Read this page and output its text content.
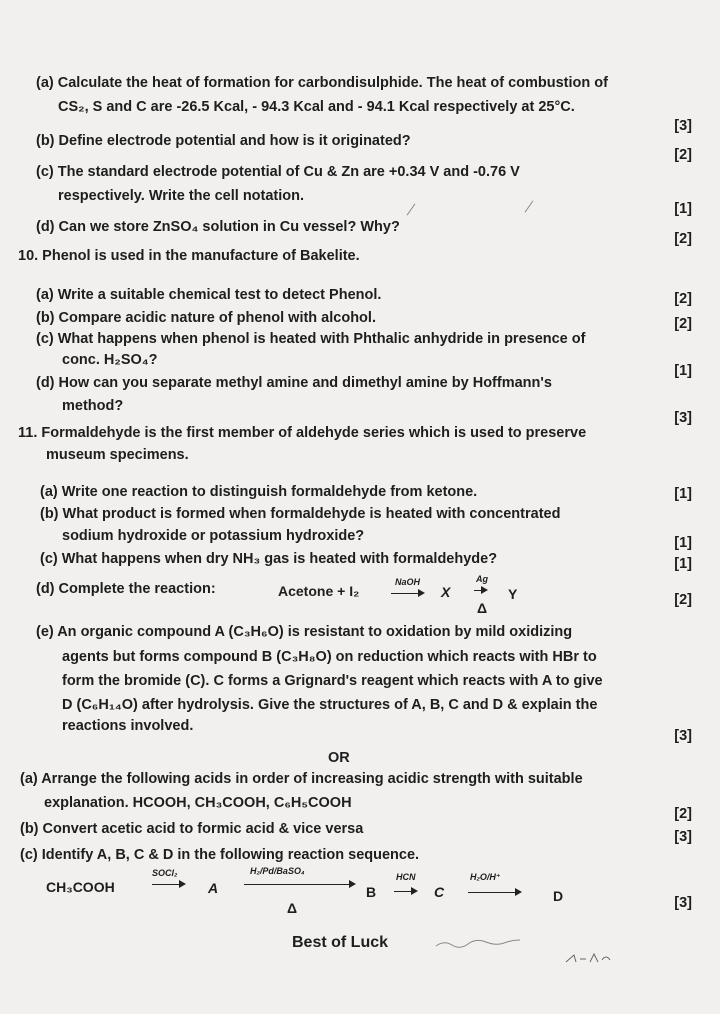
(a) Calculate the heat of formation for carbondisulphide. The heat of combustion of
CS₂, S and C are -26.5 Kcal, - 94.3 Kcal and - 94.1 Kcal respectively at 25°C.
[3]
(b) Define electrode potential and how is it originated?
[2]
(c) The standard electrode potential of Cu & Zn are +0.34 V and -0.76 V
respectively. Write the cell notation.
[1]
(d) Can we store ZnSO₄ solution in Cu vessel? Why?
[2]
10. Phenol is used in the manufacture of Bakelite.
(a) Write a suitable chemical test to detect Phenol.	[2]
(b) Compare acidic nature of phenol with alcohol.	[2]
(c) What happens when phenol is heated with Phthalic anhydride in presence of
conc. H₂SO₄?
[1]
(d) How can you separate methyl amine and dimethyl amine by Hoffmann's
method?
[3]
11. Formaldehyde is the first member of aldehyde series which is used to preserve
museum specimens.
(a) Write one reaction to distinguish formaldehyde from ketone.	[1]
(b) What product is formed when formaldehyde is heated with concentrated
sodium hydroxide or potassium hydroxide?	[1]
(c) What happens when dry NH₃ gas is heated with formaldehyde?	[1]
(d) Complete the reaction:	Acetone + I₂
NaOH
X
Ag
Δ
Y	[2]
(e) An organic compound A (C₃H₆O) is resistant to oxidation by mild oxidizing
agents but forms compound B (C₃H₈O) on reduction which reacts with HBr to
form the bromide (C). C forms a Grignard's reagent which reacts with A to give
D (C₆H₁₄O) after hydrolysis. Give the structures of A, B, C and D & explain the
reactions involved.
[3]
OR
(a) Arrange the following acids in order of increasing acidic strength with suitable
explanation. HCOOH, CH₃COOH, C₆H₅COOH
[2]
(b) Convert acetic acid to formic acid & vice versa	[3]
(c) Identify A, B, C & D in the following reaction sequence.
CH₃COOH
SOCl₂
A
H₂/Pd/BaSO₄
Δ
B
HCN
C
H₂O/H⁺
D	[3]
Best of Luck
